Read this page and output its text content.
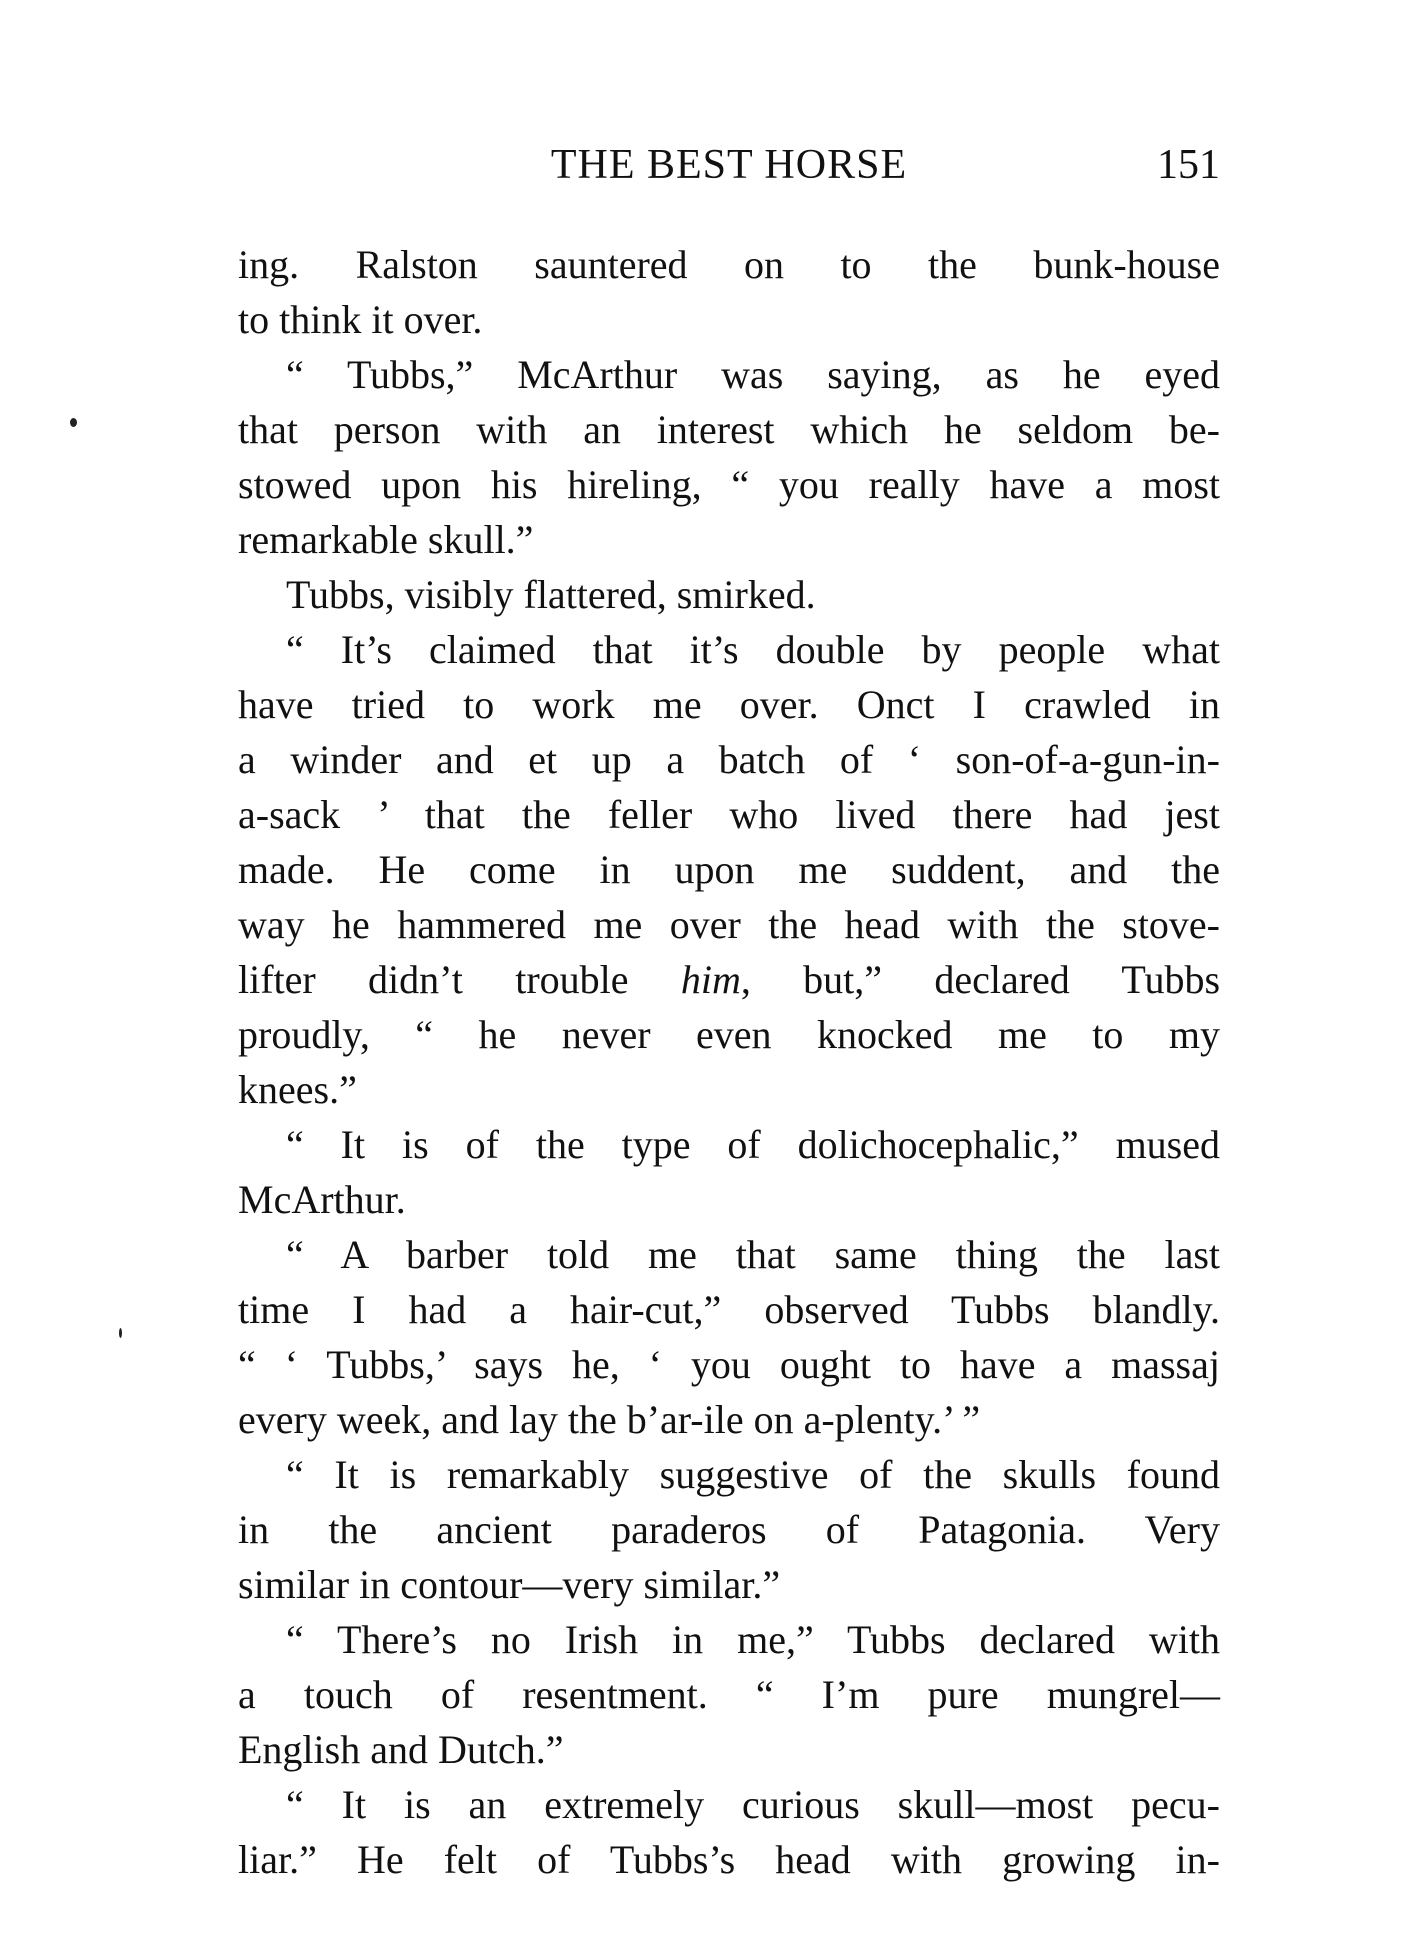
THE BEST HORSE	151
ing. Ralston sauntered on to the bunk-house
to think it over.
“ Tubbs,” McArthur was saying, as he eyed
that person with an interest which he seldom be-
stowed upon his hireling, “ you really have a most
remarkable skull.”
Tubbs, visibly flattered, smirked.
“ It’s claimed that it’s double by people what
have tried to work me over. Onct I crawled in
a winder and et up a batch of ‘ son-of-a-gun-in-
a-sack ’ that the feller who lived there had jest
made. He come in upon me suddent, and the
way he hammered me over the head with the stove-
lifter didn’t trouble him, but,” declared Tubbs
proudly, “ he never even knocked me to my
knees.”
“ It is of the type of dolichocephalic,” mused
McArthur.
“ A barber told me that same thing the last
time I had a hair-cut,” observed Tubbs blandly.
“ ‘ Tubbs,’ says he, ‘ you ought to have a massaj
every week, and lay the b’ar-ile on a-plenty.’ ”
“ It is remarkably suggestive of the skulls found
in the ancient paraderos of Patagonia. Very
similar in contour—very similar.”
“ There’s no Irish in me,” Tubbs declared with
a touch of resentment. “ I’m pure mungrel—
English and Dutch.”
“ It is an extremely curious skull—most pecu-
liar.” He felt of Tubbs’s head with growing in-
